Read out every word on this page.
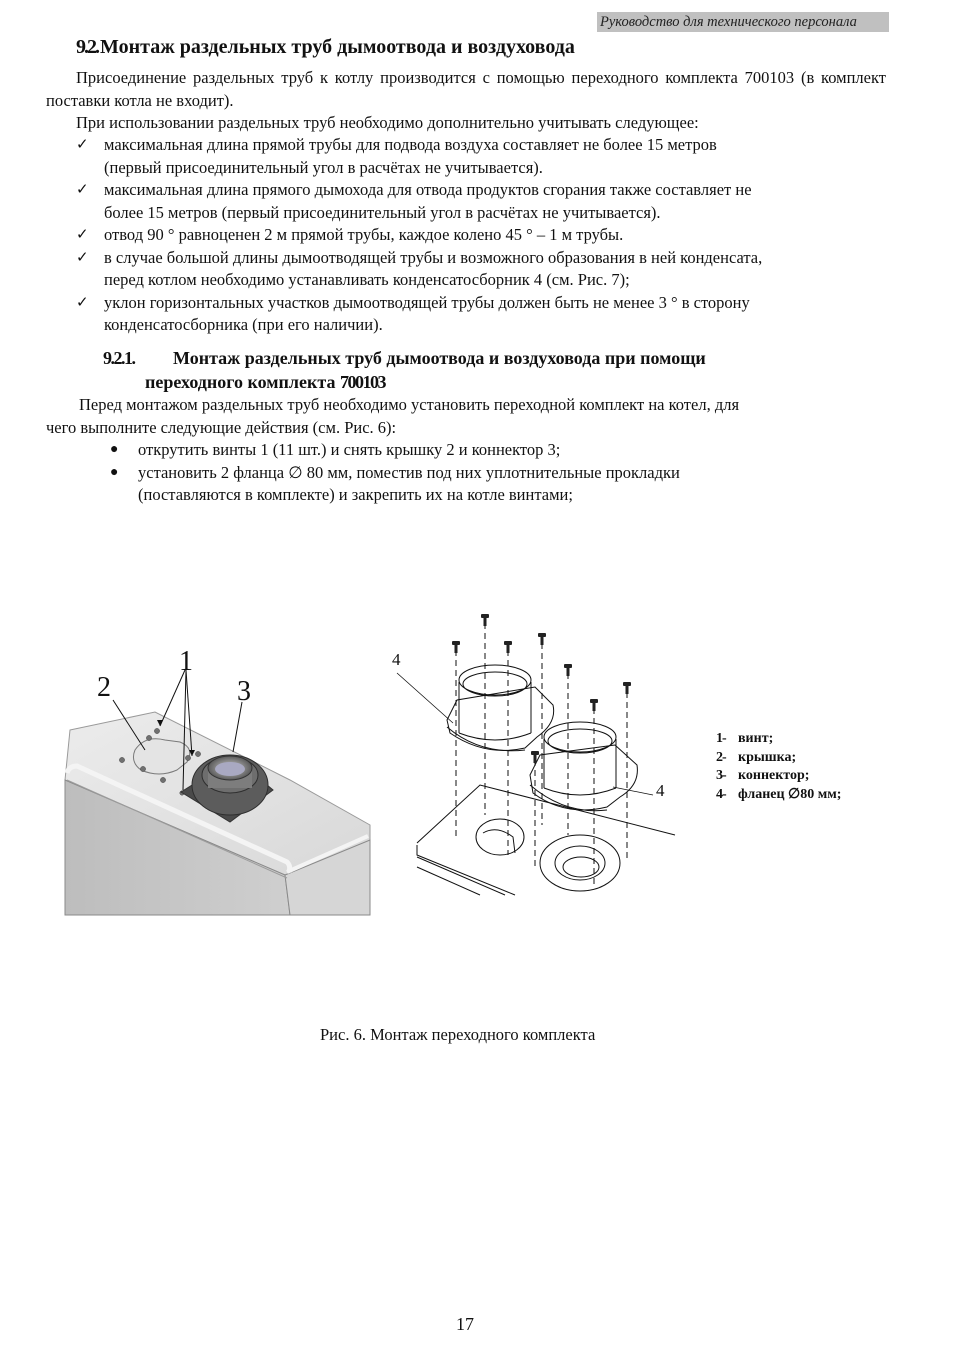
Руководство для технического персонала
9.2. Монтаж раздельных труб дымоотвода и воздуховода
Присоединение раздельных труб к котлу производится с помощью переходного комплекта 700103 (в комплект поставки котла не входит).
При использовании раздельных труб необходимо дополнительно учитывать следующее:
✓ максимальная длина прямой трубы для подвода воздуха составляет не более 15 метров
(первый присоединительный угол в расчётах не учитывается).
✓ максимальная длина прямого дымохода для отвода продуктов сгорания также составляет не
более 15 метров (первый присоединительный угол в расчётах не учитывается).
✓ отвод 90 ° равноценен 2 м прямой трубы, каждое колено 45 ° – 1 м трубы.
✓ в случае большой длины дымоотводящей трубы и возможного образования в ней конденсата,
перед котлом необходимо устанавливать конденсатосборник 4 (см. Рис. 7);
✓ уклон горизонтальных участков дымоотводящей трубы должен быть не менее 3 ° в сторону
конденсатосборника (при его наличии).
9.2.1. Монтаж раздельных труб дымоотвода и воздуховода при помощи
переходного комплекта 700103
Перед монтажом раздельных труб необходимо установить переходной комплект на котел, для
чего выполните следующие действия (см. Рис. 6):
● открутить винты 1 (11 шт.) и снять крышку 2 и коннектор 3;
● установить 2 фланца ∅ 80 мм, поместив под них уплотнительные прокладки
(поставляются в комплекте) и закрепить их на котле винтами;
1
2	3
4
4
1- винт;
2- крышка;
3- коннектор;
4- фланец ∅80 мм;
Рис. 6. Монтаж переходного комплекта
17
